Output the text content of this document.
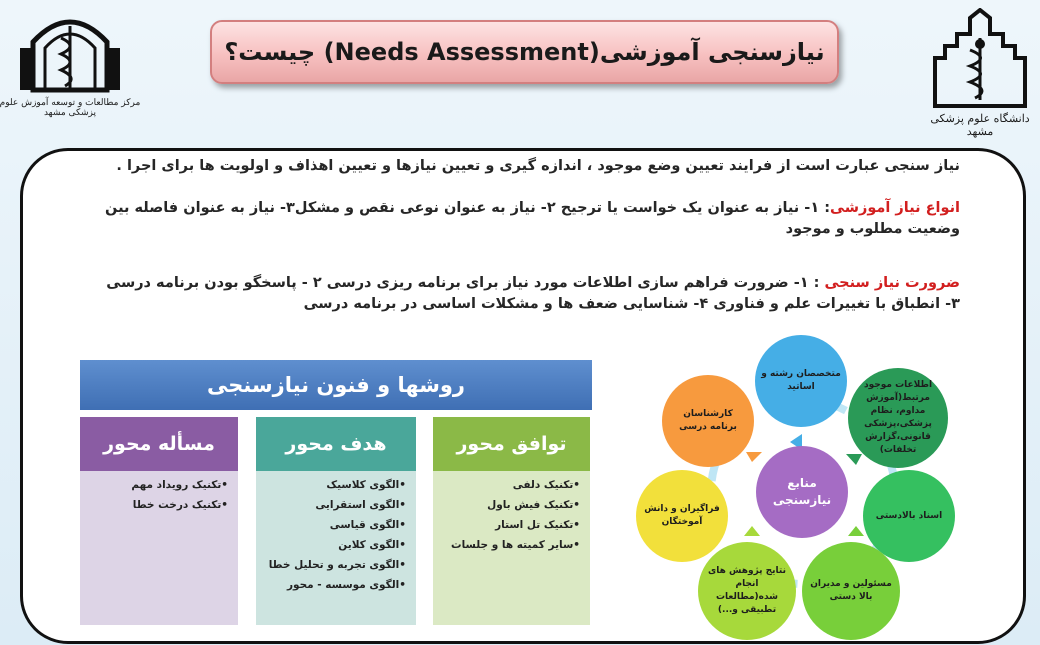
مرکز مطالعات و توسعه آموزش علوم پزشکی مشهد	دانشگاه علوم پزشکی مشهد
نیازسنجی آموزشی(Needs Assessment) چیست؟
نیاز سنجی عبارت است از فرایند تعیین وضع موجود ، اندازه گیری و تعیین نیازها و تعیین اهذاف و اولویت ها برای اجرا .
انواع نیاز آموزشی: ۱- نیاز به عنوان یک خواست یا ترجیح ۲- نیاز به عنوان نوعی نقص و مشکل۳- نیاز به عنوان فاصله بین وضعیت مطلوب و موجود
ضرورت نیاز سنجی : ۱- ضرورت فراهم سازی اطلاعات مورد نیاز برای برنامه ریزی درسی ۲ - پاسخگو بودن برنامه درسی
۳- انطباق با تغییرات علم و فناوری ۴- شناسایی ضعف ها و مشکلات اساسی در برنامه درسی
روشها و فنون نیازسنجی
توافق محور
•تکنیک دلفی
•تکنیک فیش باول
•تکنیک تل استار
•سایر کمیته ها و جلسات
هدف محور
•الگوی کلاسیک
•الگوی استقرایی
•الگوی قیاسی
•الگوی کلاین
•الگوی تجربه و تحلیل خطا
•الگوی موسسه - محور
مسأله محور
•تکنیک رویداد مهم
•تکنیک درخت خطا
منابع نیازسنجی
متخصصان رشته و اساتید	اطلاعات موجود مرتبط(آموزش مداوم، نظام پزشکی،پزشکی قانونی،گزارش تخلفات)
اسناد بالادستی
مسئولین و مدیران بالا دستی
نتایج پژوهش های انجام شده(مطالعات تطبیقی و...)
فراگیران و دانش آموختگان
کارشناسان برنامه درسی
